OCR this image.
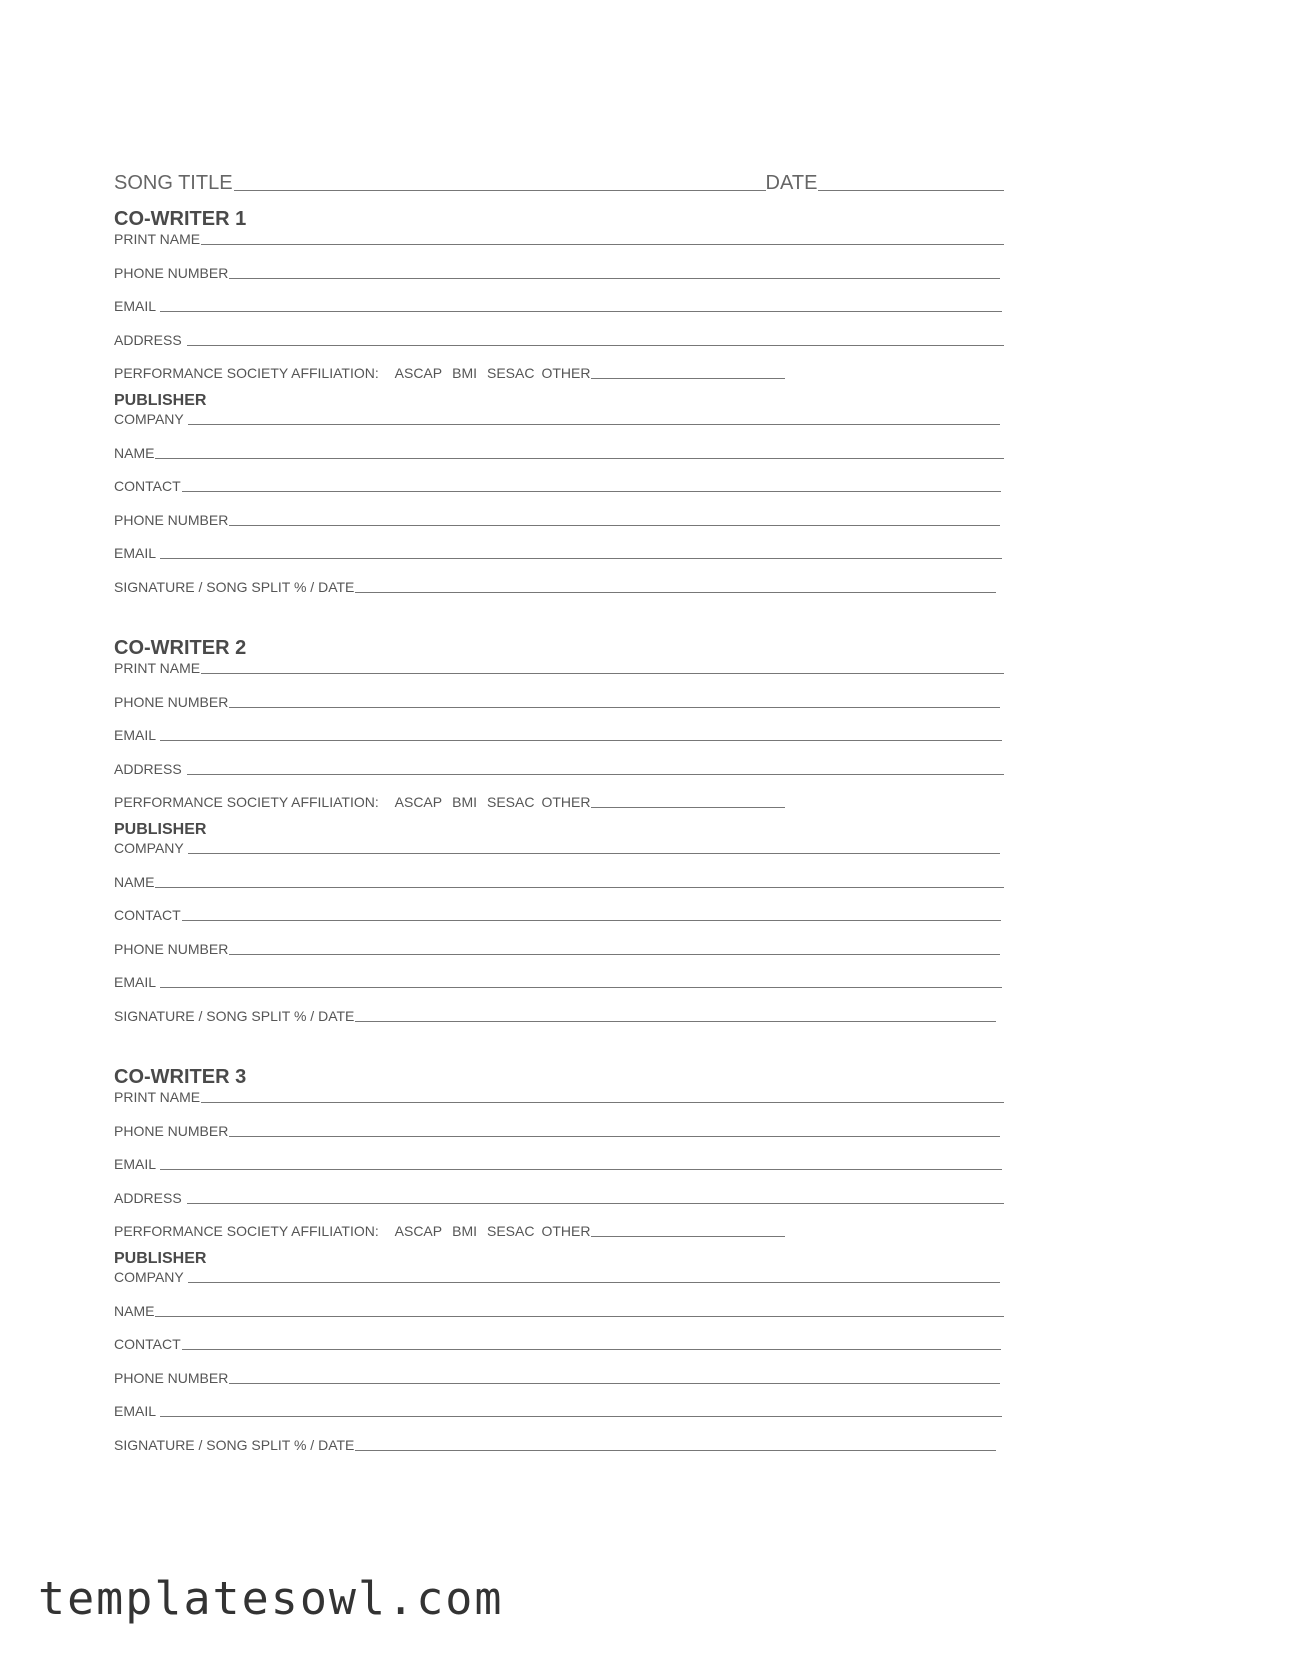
SONG TITLE	DATE
CO-WRITER 1
PRINT NAME
PHONE NUMBER
EMAIL
ADDRESS
PERFORMANCE SOCIETY AFFILIATION: ASCAP BMI SESAC OTHER
PUBLISHER
COMPANY
NAME
CONTACT
PHONE NUMBER
EMAIL
SIGNATURE / SONG SPLIT % / DATE
CO-WRITER 2
PRINT NAME
PHONE NUMBER
EMAIL
ADDRESS
PERFORMANCE SOCIETY AFFILIATION: ASCAP BMI SESAC OTHER
PUBLISHER
COMPANY
NAME
CONTACT
PHONE NUMBER
EMAIL
SIGNATURE / SONG SPLIT % / DATE
CO-WRITER 3
PRINT NAME
PHONE NUMBER
EMAIL
ADDRESS
PERFORMANCE SOCIETY AFFILIATION: ASCAP BMI SESAC OTHER
PUBLISHER
COMPANY
NAME
CONTACT
PHONE NUMBER
EMAIL
SIGNATURE / SONG SPLIT % / DATE
templatesowl.com
